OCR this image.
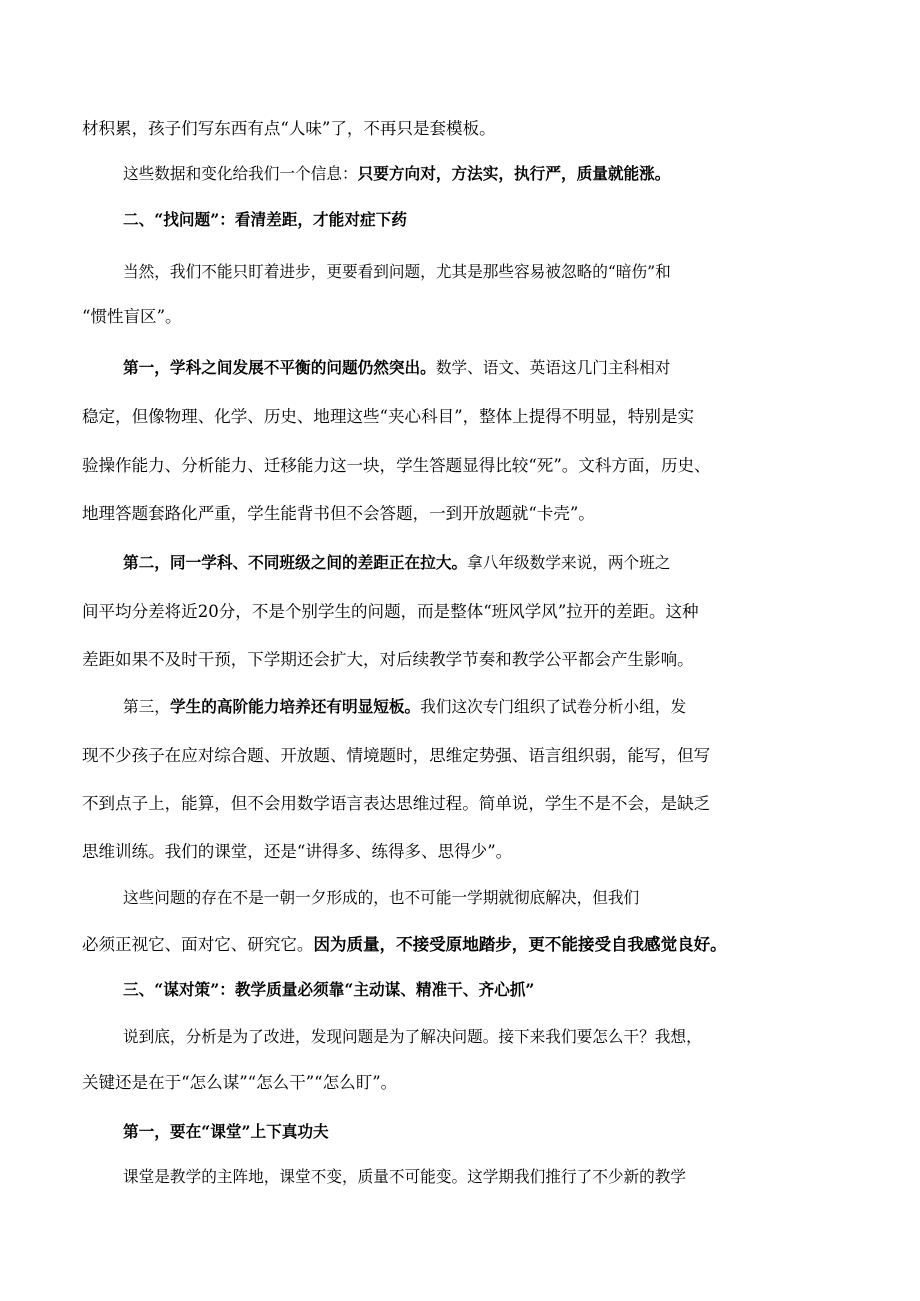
材积累，孩子们写东西有点“人味”了，不再只是套模板。

这些数据和变化给我们一个信息：只要方向对，方法实，执行严，质量就能涨。

二、“找问题”：看清差距，才能对症下药

当然，我们不能只盯着进步，更要看到问题，尤其是那些容易被忽略的“暗伤”和

“惯性盲区”。

第一，学科之间发展不平衡的问题仍然突出。数学、语文、英语这几门主科相对

稳定，但像物理、化学、历史、地理这些“夹心科目”，整体上提得不明显，特别是实

验操作能力、分析能力、迁移能力这一块，学生答题显得比较“死”。文科方面，历史、

地理答题套路化严重，学生能背书但不会答题，一到开放题就“卡壳”。

第二，同一学科、不同班级之间的差距正在拉大。拿八年级数学来说，两个班之

间平均分差将近20分，不是个别学生的问题，而是整体“班风学风”拉开的差距。这种

差距如果不及时干预，下学期还会扩大，对后续教学节奏和教学公平都会产生影响。

第三，学生的高阶能力培养还有明显短板。我们这次专门组织了试卷分析小组，发

现不少孩子在应对综合题、开放题、情境题时，思维定势强、语言组织弱，能写，但写

不到点子上，能算，但不会用数学语言表达思维过程。简单说，学生不是不会，是缺乏

思维训练。我们的课堂，还是“讲得多、练得多、思得少”。

这些问题的存在不是一朝一夕形成的，也不可能一学期就彻底解决，但我们

必须正视它、面对它、研究它。因为质量，不接受原地踏步，更不能接受自我感觉良好。

三、“谋对策”：教学质量必须靠“主动谋、精准干、齐心抓”

说到底，分析是为了改进，发现问题是为了解决问题。接下来我们要怎么干？我想，

关键还是在于“怎么谋”“怎么干”“怎么盯”。

第一，要在“课堂”上下真功夫

课堂是教学的主阵地，课堂不变，质量不可能变。这学期我们推行了不少新的教学
